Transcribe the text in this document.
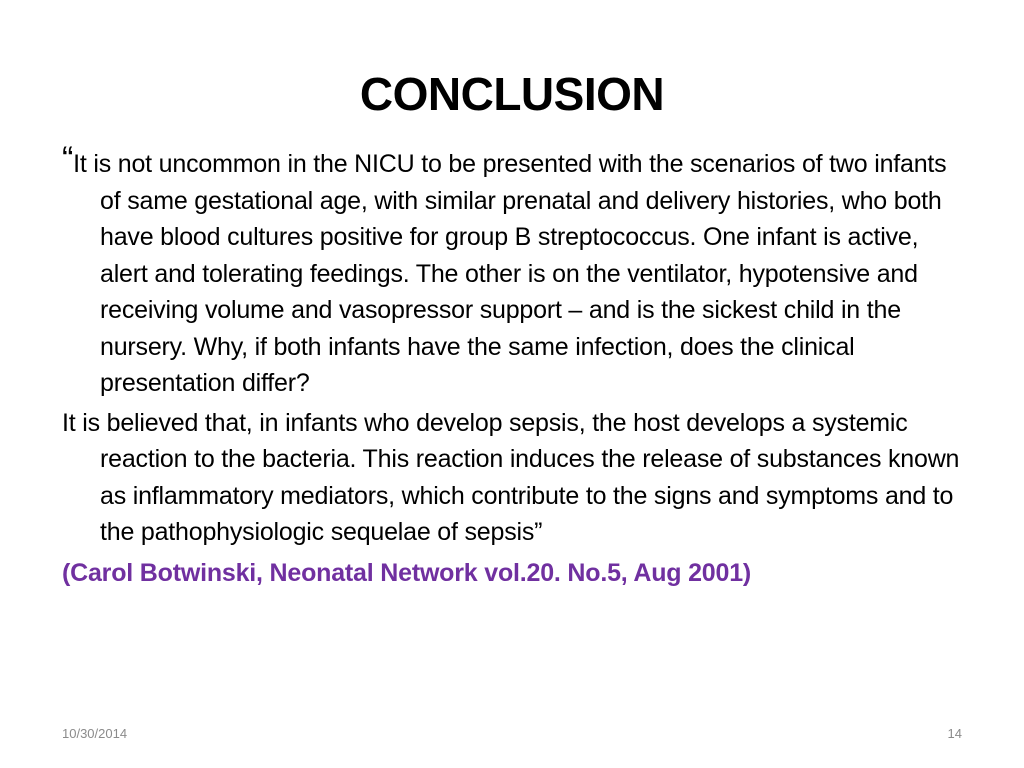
CONCLUSION

“It is not uncommon in the NICU to be presented with the scenarios of two infants of same gestational age, with similar prenatal and delivery histories, who both have blood cultures positive for group B streptococcus. One infant is active, alert and tolerating feedings. The other is on the ventilator, hypotensive and receiving volume and vasopressor support – and is the sickest child in the nursery. Why, if both infants have the same infection, does the clinical presentation differ?

It is believed that, in infants who develop sepsis, the host develops a systemic reaction to the bacteria. This reaction induces the release of substances known as inflammatory mediators, which contribute to the signs and symptoms and to the pathophysiologic sequelae of sepsis”

(Carol Botwinski, Neonatal Network vol.20. No.5, Aug 2001)

10/30/2014	14
